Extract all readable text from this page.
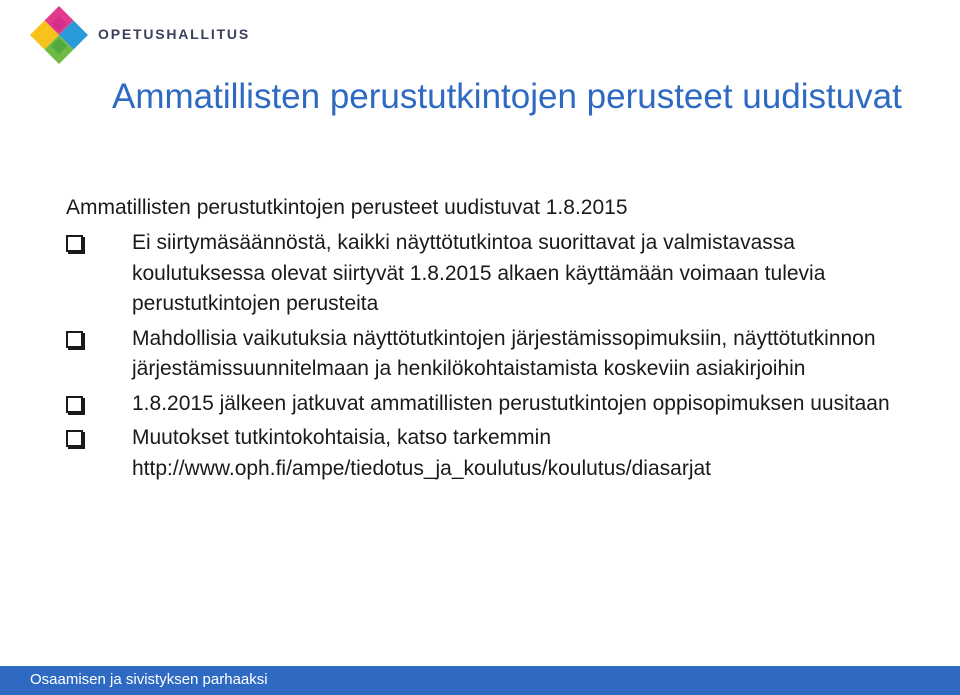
OPETUSHALLITUS
Ammatillisten perustutkintojen perusteet uudistuvat

Ammatillisten perustutkintojen perusteet uudistuvat 1.8.2015

Ei siirtymäsäännöstä, kaikki näyttötutkintoa suorittavat ja valmistavassa koulutuksessa olevat siirtyvät 1.8.2015 alkaen käyttämään voimaan tulevia perustutkintojen perusteita
Mahdollisia vaikutuksia näyttötutkintojen järjestämissopimuksiin, näyttötutkinnon järjestämissuunnitelmaan ja henkilökohtaistamista koskeviin asiakirjoihin
1.8.2015 jälkeen jatkuvat ammatillisten perustutkintojen oppisopimuksen uusitaan
Muutokset tutkintokohtaisia, katso tarkemmin http://www.oph.fi/ampe/tiedotus_ja_koulutus/koulutus/diasarjat
Osaamisen ja sivistyksen parhaaksi
